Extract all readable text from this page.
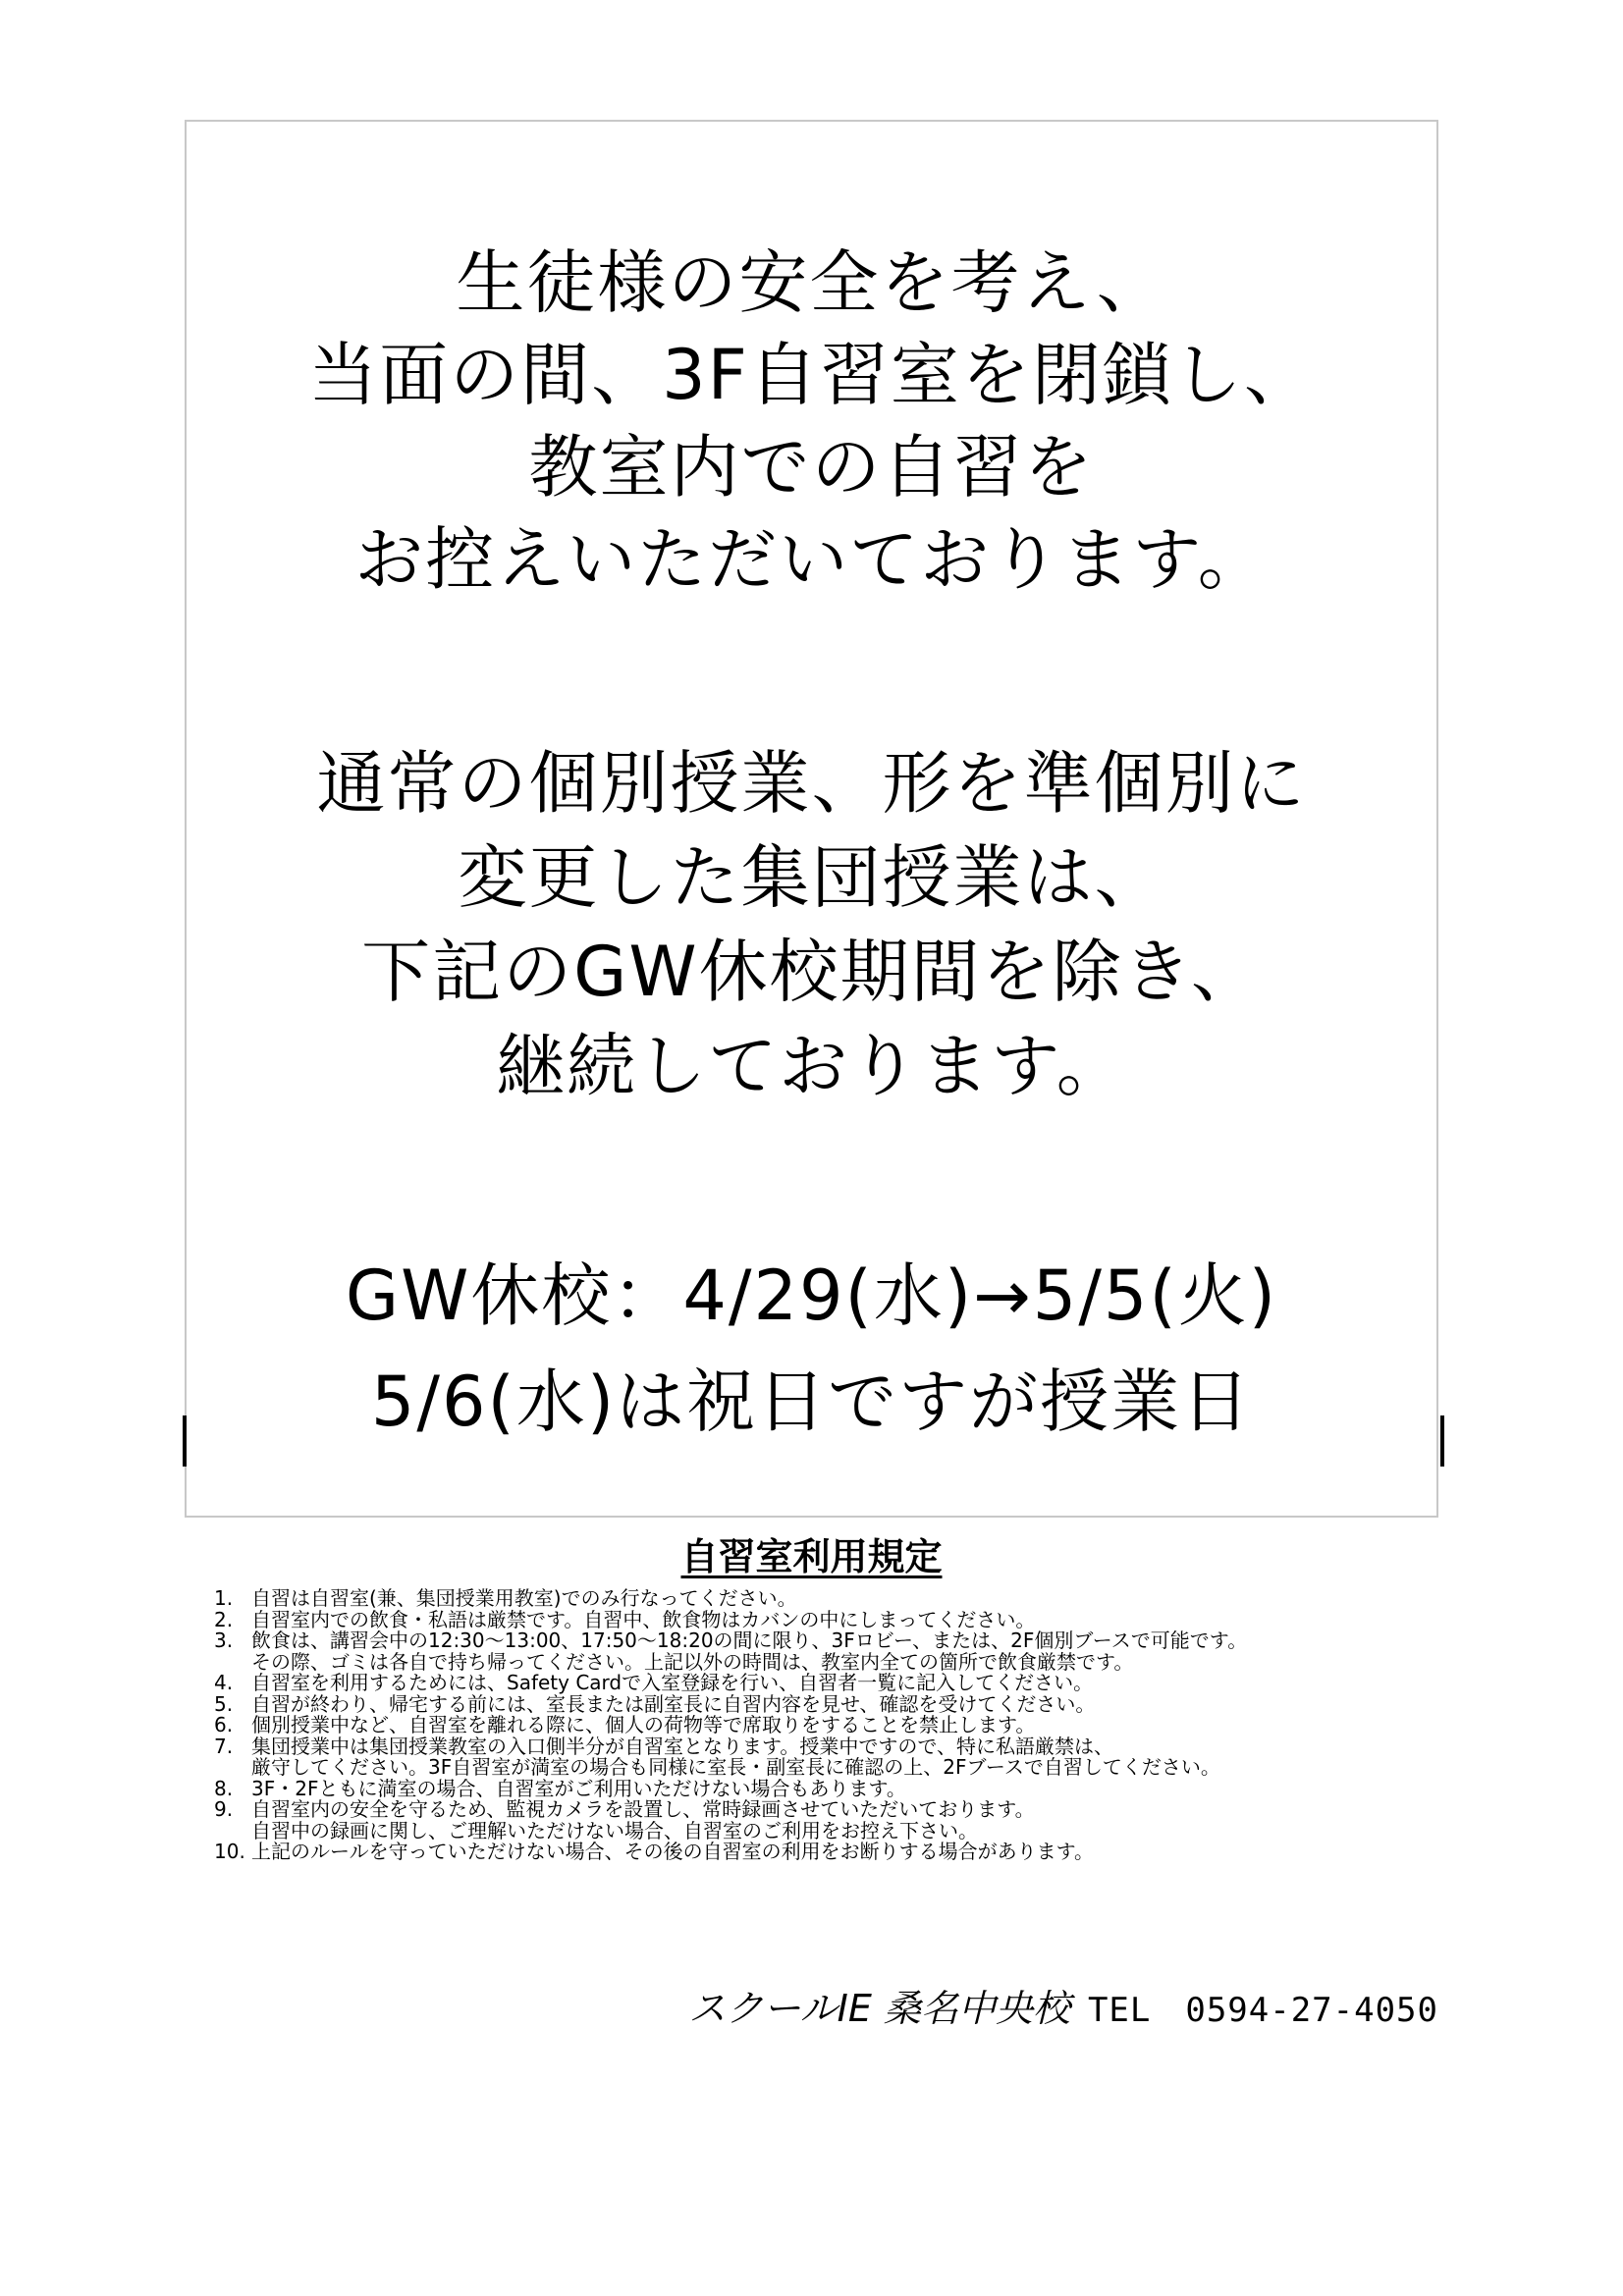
生徒様の安全を考え、
当面の間、3F自習室を閉鎖し、
教室内での自習を
お控えいただいております。
通常の個別授業、形を準個別に
変更した集団授業は、
下記のGW休校期間を除き、
継続しております。
GW休校：4/29(水)→5/5(火)
5/6(水)は祝日ですが授業日
自習室利用規定
1. 自習は自習室(兼、集団授業用教室)でのみ行なってください。
2. 自習室内での飲食・私語は厳禁です。自習中、飲食物はカバンの中にしまってください。
3. 飲食は、講習会中の12:30～13:00、17:50～18:20の間に限り、3Fロビー、または、2F個別ブースで可能です。
その際、ゴミは各自で持ち帰ってください。上記以外の時間は、教室内全ての箇所で飲食厳禁です。
4. 自習室を利用するためには、Safety Cardで入室登録を行い、自習者一覧に記入してください。
5. 自習が終わり、帰宅する前には、室長または副室長に自習内容を見せ、確認を受けてください。
6. 個別授業中など、自習室を離れる際に、個人の荷物等で席取りをすることを禁止します。
7. 集団授業中は集団授業教室の入口側半分が自習室となります。授業中ですので、特に私語厳禁は、
厳守してください。3F自習室が満室の場合も同様に室長・副室長に確認の上、2Fブースで自習してください。
8. 3F・2Fともに満室の場合、自習室がご利用いただけない場合もあります。
9. 自習室内の安全を守るため、監視カメラを設置し、常時録画させていただいております。
自習中の録画に関し、ご理解いただけない場合、自習室のご利用をお控え下さい。
10. 上記のルールを守っていただけない場合、その後の自習室の利用をお断りする場合があります。
スクールIE 桑名中央校 TEL　0594-27-4050
